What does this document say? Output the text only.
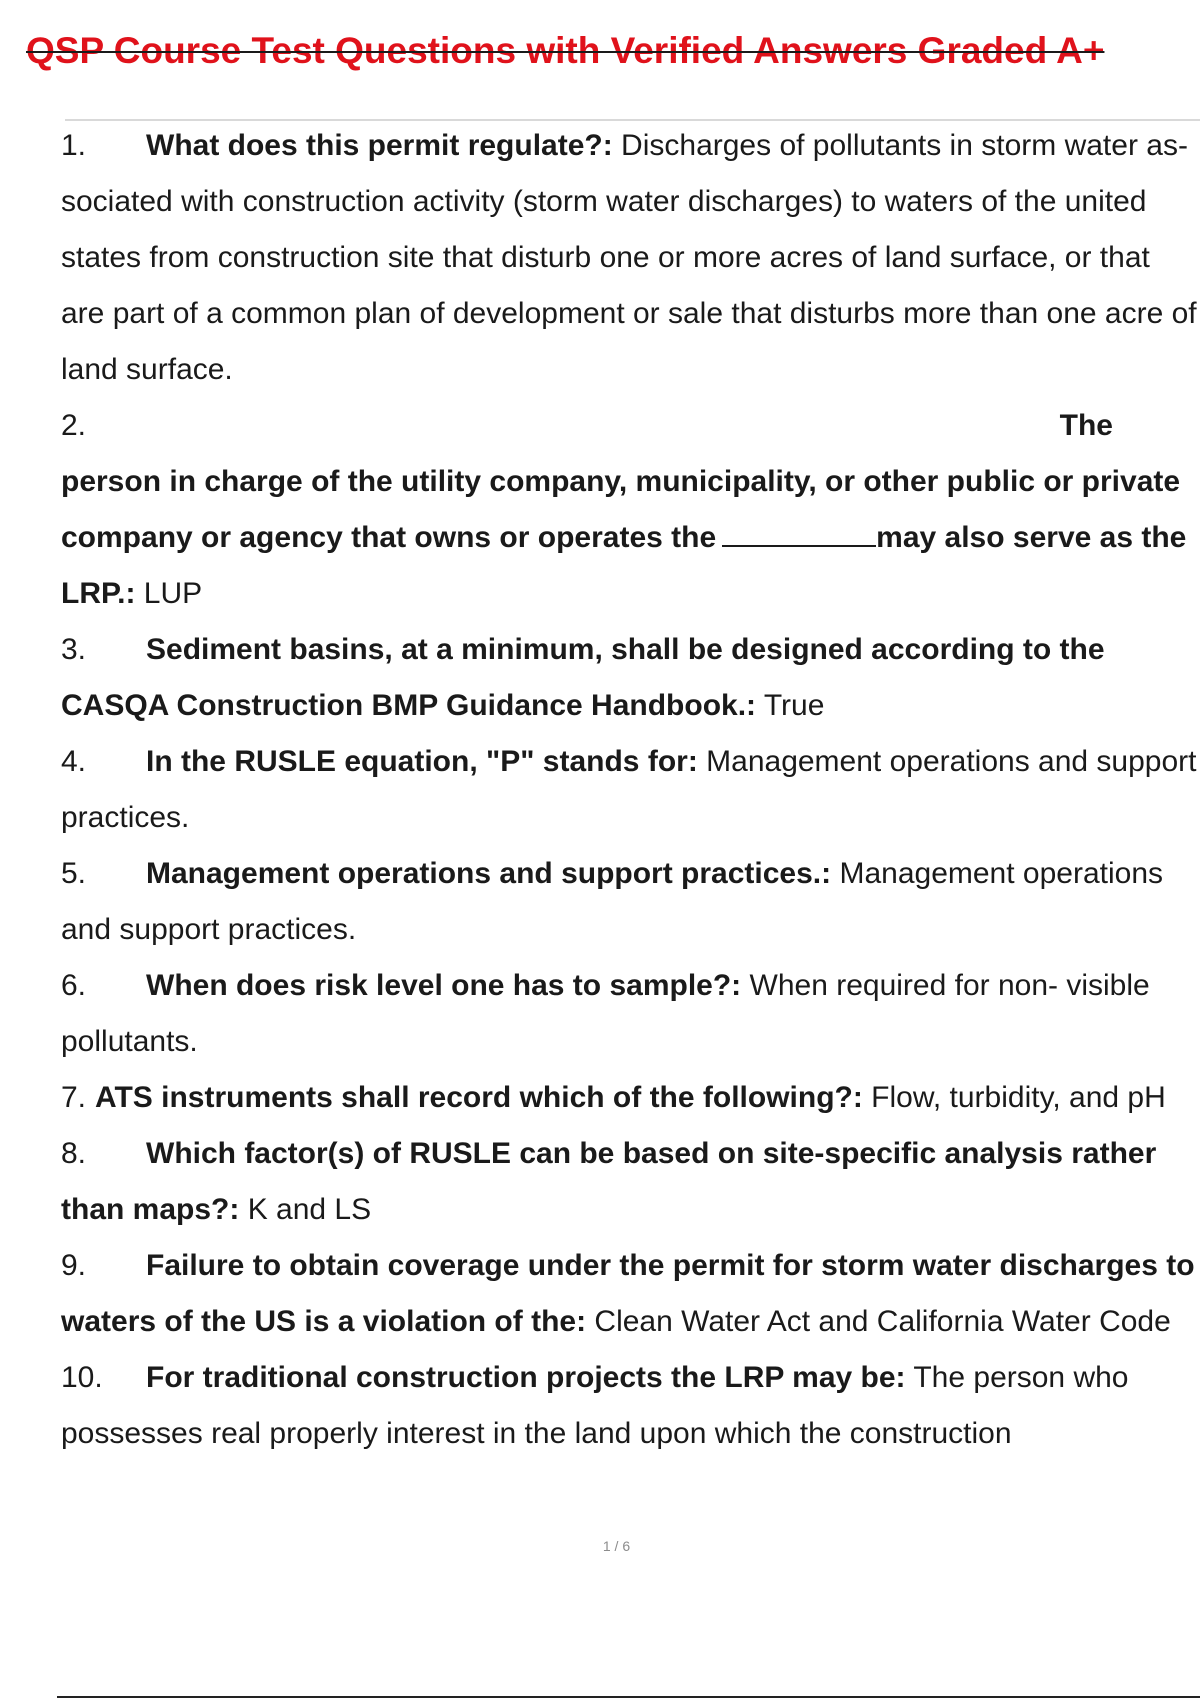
QSP Course Test Questions with Verified Answers Graded A+

1. What does this permit regulate?: Discharges of pollutants in storm water as- sociated with construction activity (storm water discharges) to waters of the united states from construction site that disturb one or more acres of land surface, or that are part of a common plan of development or sale that disturbs more than one acre of land surface.

2.	The
person in charge of the utility company, municipality, or other public or private company or agency that owns or operates the	may also serve as the LRP.: LUP

3. Sediment basins, at a minimum, shall be designed according to the CASQA Construction BMP Guidance Handbook.: True

4. In the RUSLE equation, "P" stands for: Management operations and support practices.

5. Management operations and support practices.: Management operations and support practices.

6. When does risk level one has to sample?: When required for non- visible pollutants.

7. ATS instruments shall record which of the following?: Flow, turbidity, and pH

8. Which factor(s) of RUSLE can be based on site-specific analysis rather than maps?: K and LS

9. Failure to obtain coverage under the permit for storm water discharges to waters of the US is a violation of the: Clean Water Act and California Water Code

10. For traditional construction projects the LRP may be: The person who possesses real properly interest in the land upon which the construction

1 / 6
